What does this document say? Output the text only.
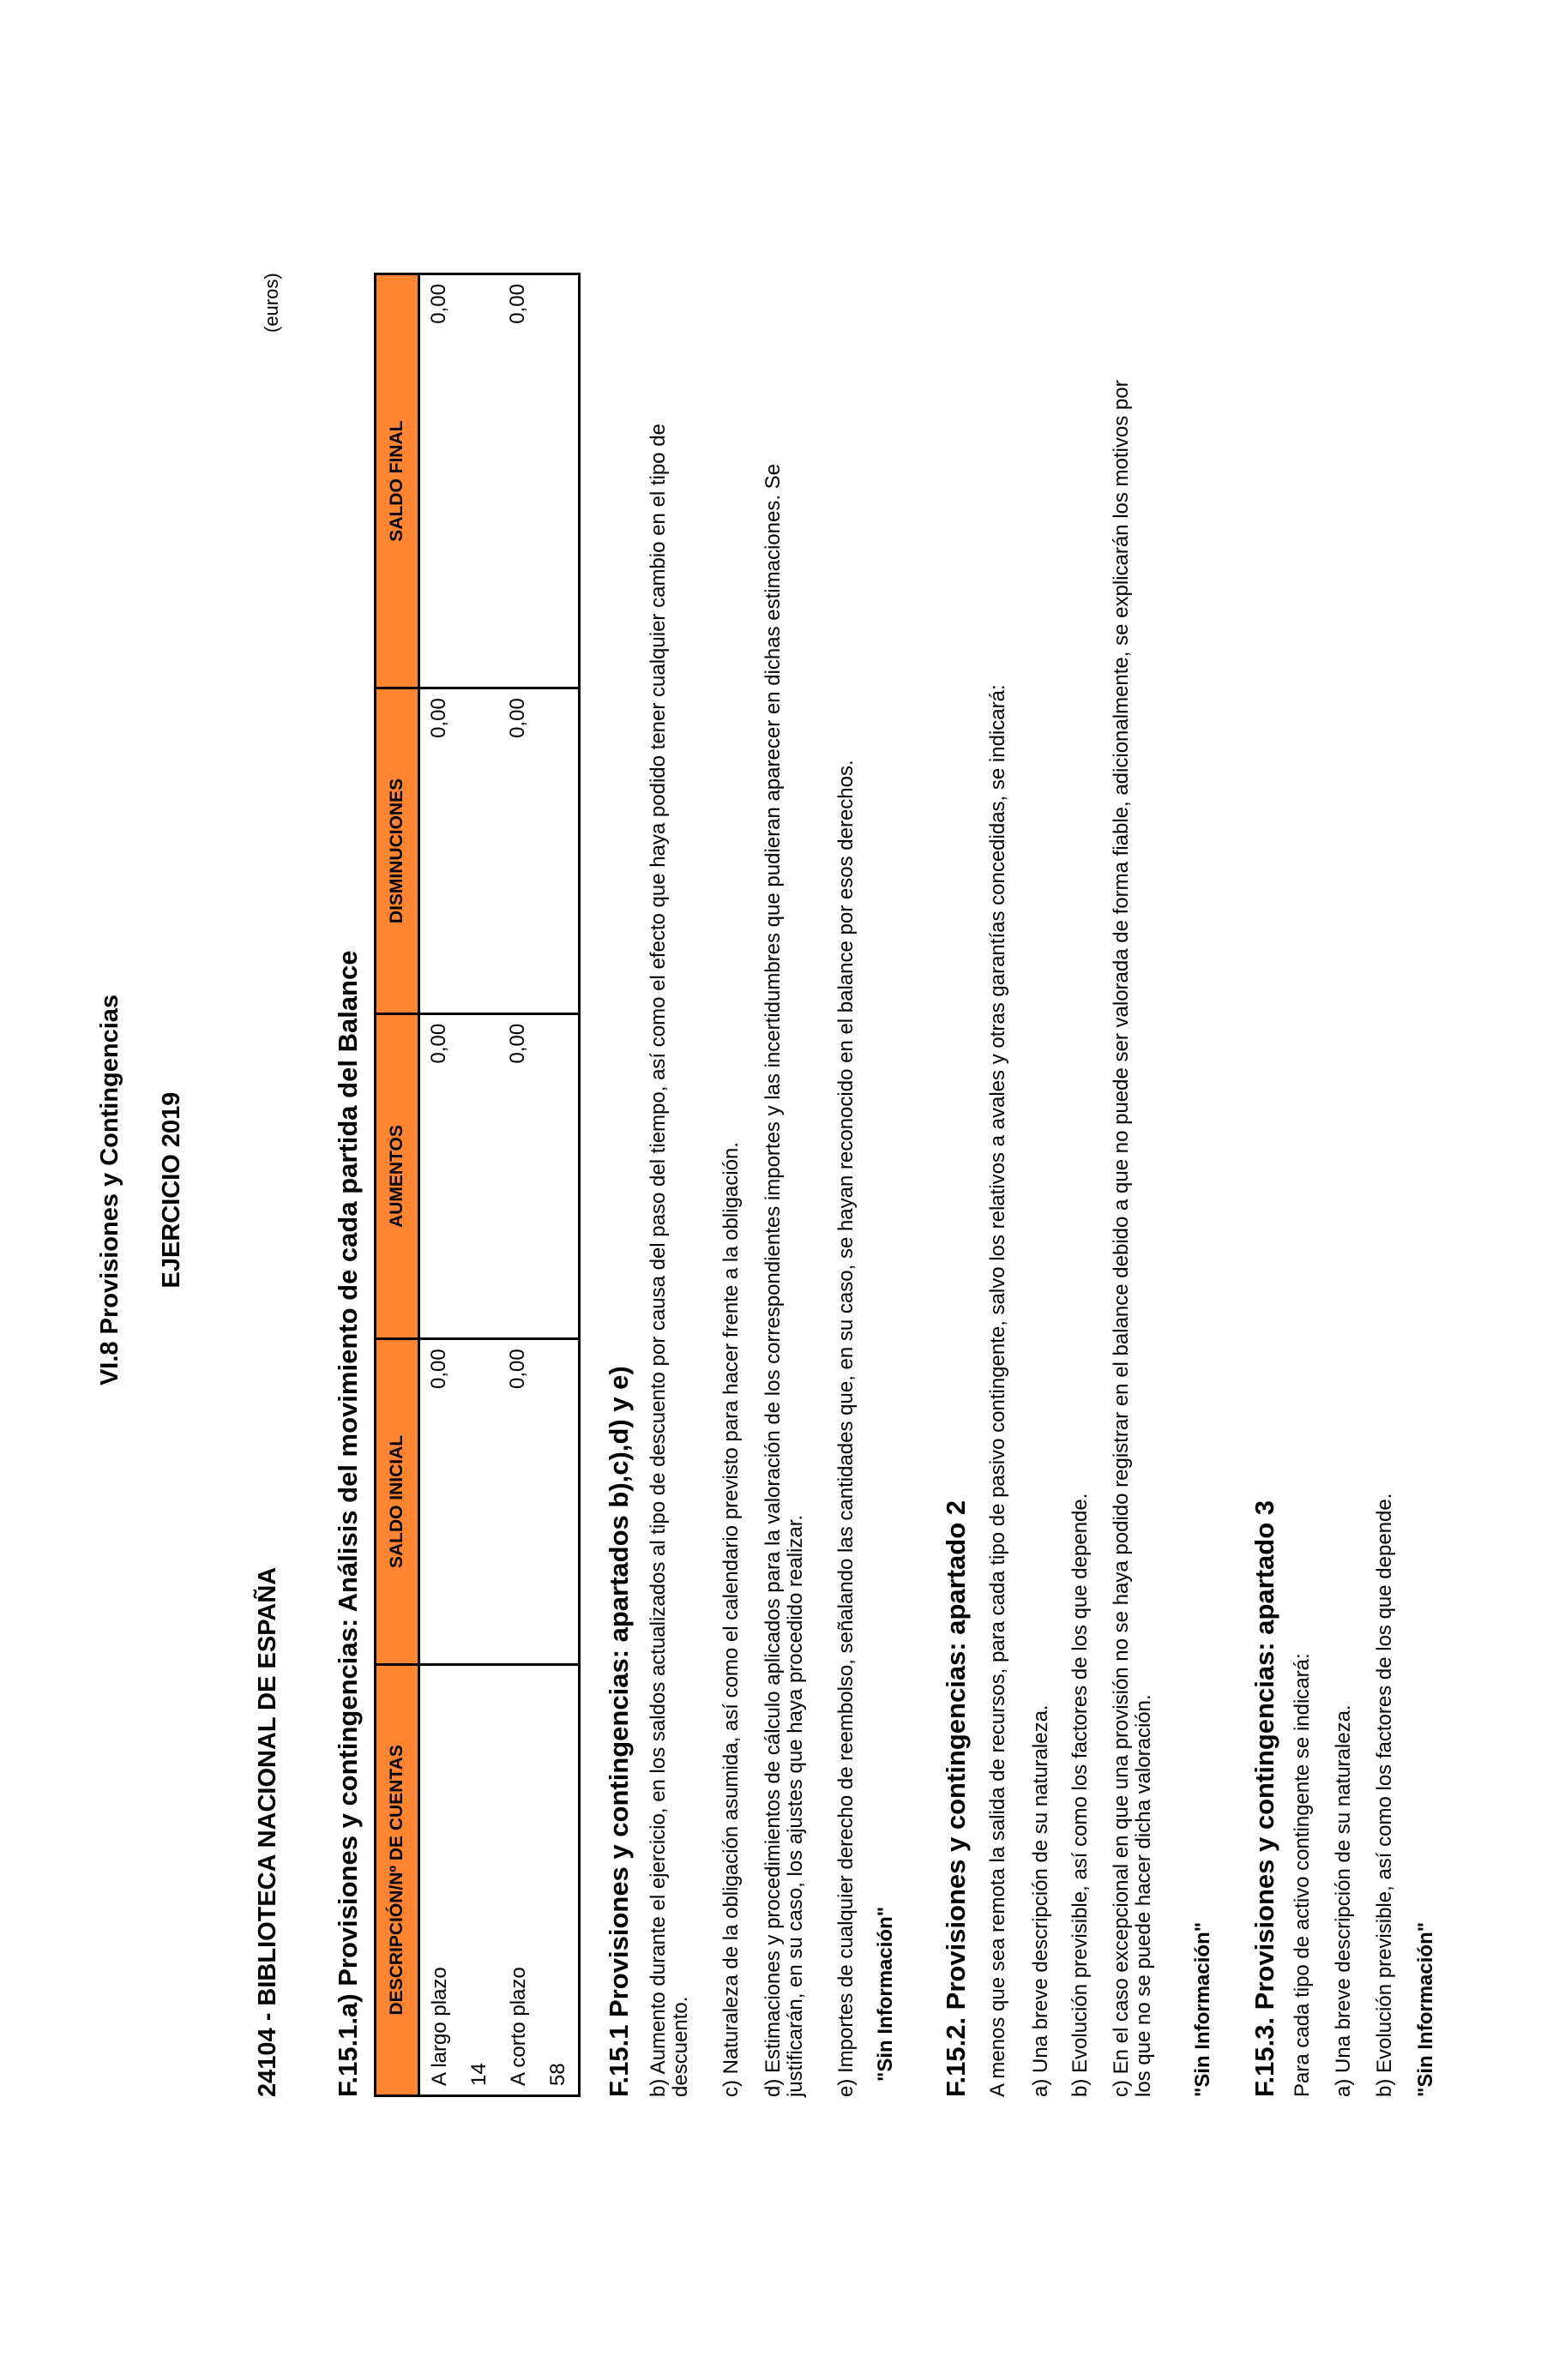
VI.8 Provisiones y Contingencias EJERCICIO 2019
(euros)
24104 - BIBLIOTECA NACIONAL DE ESPAÑA F.15.1.a) Provisiones y contingencias: Análisis del movimiento de cada partida del Balance DESCRIPCIÓN/Nº DE CUENTAS	SALDO INICIAL	AUMENTOS	DISMINUCIONES	SALDO FINAL

A largo plazo 14	0,00	0,00	0,00	0,00

A corto plazo 58	0,00	0,00	0,00	0,00
F.15.1 Provisiones y contingencias: apartados b),c),d) y e) b) Aumento durante el ejercicio, en los saldos actualizados al tipo de descuento por causa del paso del tiempo, así como el efecto que haya podido tener cualquier cambio en el tipo de descuento. c) Naturaleza de la obligación asumida, así como el calendario previsto para hacer frente a la obligación. d) Estimaciones y procedimientos de cálculo aplicados para la valoración de los correspondientes importes y las incertidumbres que pudieran aparecer en dichas estimaciones. Se justificarán, en su caso, los ajustes que haya procedido realizar. e) Importes de cualquier derecho de reembolso, señalando las cantidades que, en su caso, se hayan reconocido en el balance por esos derechos. "Sin Información" F.15.2. Provisiones y contingencias: apartado 2 A menos que sea remota la salida de recursos, para cada tipo de pasivo contingente, salvo los relativos a avales y otras garantías concedidas, se indicará: a) Una breve descripción de su naturaleza. b) Evolución previsible, así como los factores de los que depende. c) En el caso excepcional en que una provisión no se haya podido registrar en el balance debido a que no puede ser valorada de forma fiable, adicionalmente, se explicarán los motivos por los que no se puede hacer dicha valoración. "Sin Información" F.15.3. Provisiones y contingencias: apartado 3 Para cada tipo de activo contingente se indicará: a) Una breve descripción de su naturaleza. b) Evolución previsible, así como los factores de los que depende. "Sin Información"
